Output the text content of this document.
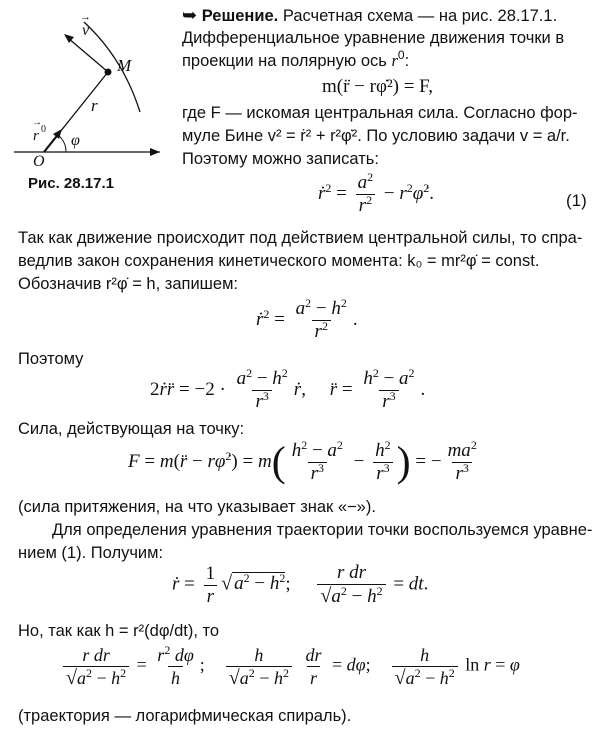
v
→
M
r
r
→
0
φ
O
Рис. 28.17.1
➥ Решение. Расчетная схема — на рис. 28.17.1.
Дифференциальное уравнение движения точки в
проекции на полярную ось $r^0$:
m(r̈ − rφ̇²) = F,
где F — искомая центральная сила. Согласно фор-
муле Бине v² = ṙ² + r²φ̇². По условию задачи v = a/r.
Поэтому можно записать:
ṙ$^2$ = $\frac{a^2}{r^2}$ − $r^2\varphi̇^2$.	(1)
Так как движение происходит под действием центральной силы, то спра-
ведлив закон сохранения кинетического момента: k₀ = mr²φ̇ = const.
Обозначив r²φ̇ = h, запишем:
ṙ$^2$ = $\frac{a^2 - h^2}{r^2}$ .
Поэтому
2ṙr̈ = $-2 \cdot \frac{a^2 - h^2}{r^3}$ ṙ,     r̈ = $\frac{h^2 - a^2}{r^3}$ .
Сила, действующая на точку:
F = m(r̈ − rφ̇$^2$) = $m( \frac{h^2 - a^2}{r^3} - \frac{h^2}{r^3}$ ) = − $\frac{ma^2}{r^3}$
(сила притяжения, на что указывает знак «−»).
Для определения уравнения траектории точки воспользуемся уравне-
нием (1). Получим:
ṙ = $\frac{1}{r}$ √ $a^2 - h^2$; $\frac{\text{r dr}}{√a^2 - h^2}$ = dt.
Но, так как h = r²(dφ/dt), то
$\frac{\text{r dr}}{√a^2 - h^2} = \frac{r^2 d\varphi}{h}$ ; $\frac{h}{√a^2 - h^2}$
$\frac{dr}{r} = d\varphi$; $\frac{h}{√a^2 - h^2}$ ln r = φ
(траектория — логарифмическая спираль).
